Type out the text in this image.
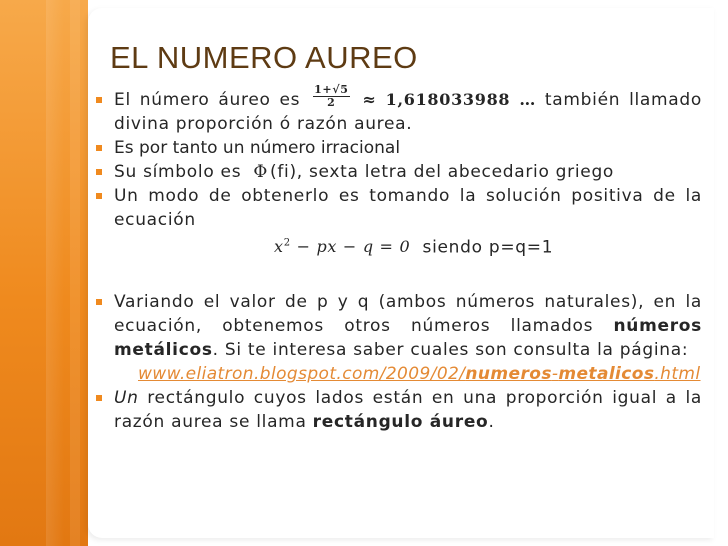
EL NUMERO AUREO
El número áureo es $\frac{1+√5}{2} \approx 1,618033988$ … también llamado divina proporción ó razón aurea.
Es por tanto un número irracional
Su símbolo es Φ (fi), sexta letra del abecedario griego
Un modo de obtenerlo es tomando la solución positiva de la ecuación
$x^2$ − px − q = 0 siendo p=q=1
Variando el valor de p y q (ambos números naturales), en la ecuación, obtenemos otros números llamados números metálicos. Si te interesa saber cuales son consulta la página:
www.eliatron.blogspot.com/2009/02/numeros-metalicos.html
Un rectángulo cuyos lados están en una proporción igual a la razón aurea se llama rectángulo áureo.
